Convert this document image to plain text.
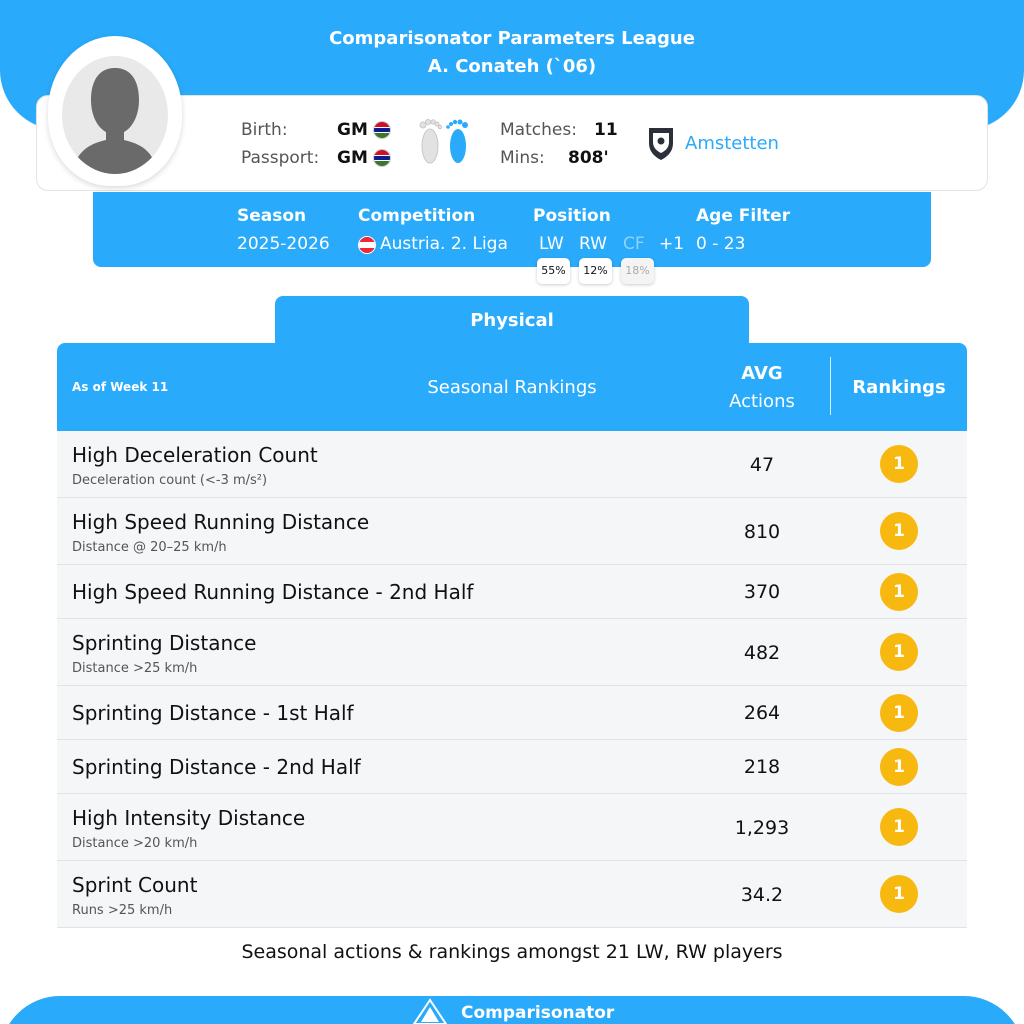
Comparisonator Parameters League
A. Conateh (`06)
Birth:	GM
Passport: GM
Matches: 11
Mins: 808'
Amstetten
Season
2025-2026
Competition
Austria. 2. Liga
Position
LW RW CF +1
55%	12%	18%
Age Filter
0 - 23
Physical
As of Week 11	Seasonal Rankings
AVG
Actions
Rankings
High Deceleration Count
Deceleration count (<-3 m/s²)
47	1
High Speed Running Distance
Distance @ 20–25 km/h
810	1
High Speed Running Distance - 2nd Half	370	1
Sprinting Distance
Distance >25 km/h
482	1
Sprinting Distance - 1st Half	264	1
Sprinting Distance - 2nd Half	218	1
High Intensity Distance
Distance >20 km/h
1,293	1
Sprint Count
Runs >25 km/h
34.2	1
Seasonal actions & rankings amongst 21 LW, RW players
Comparisonator
